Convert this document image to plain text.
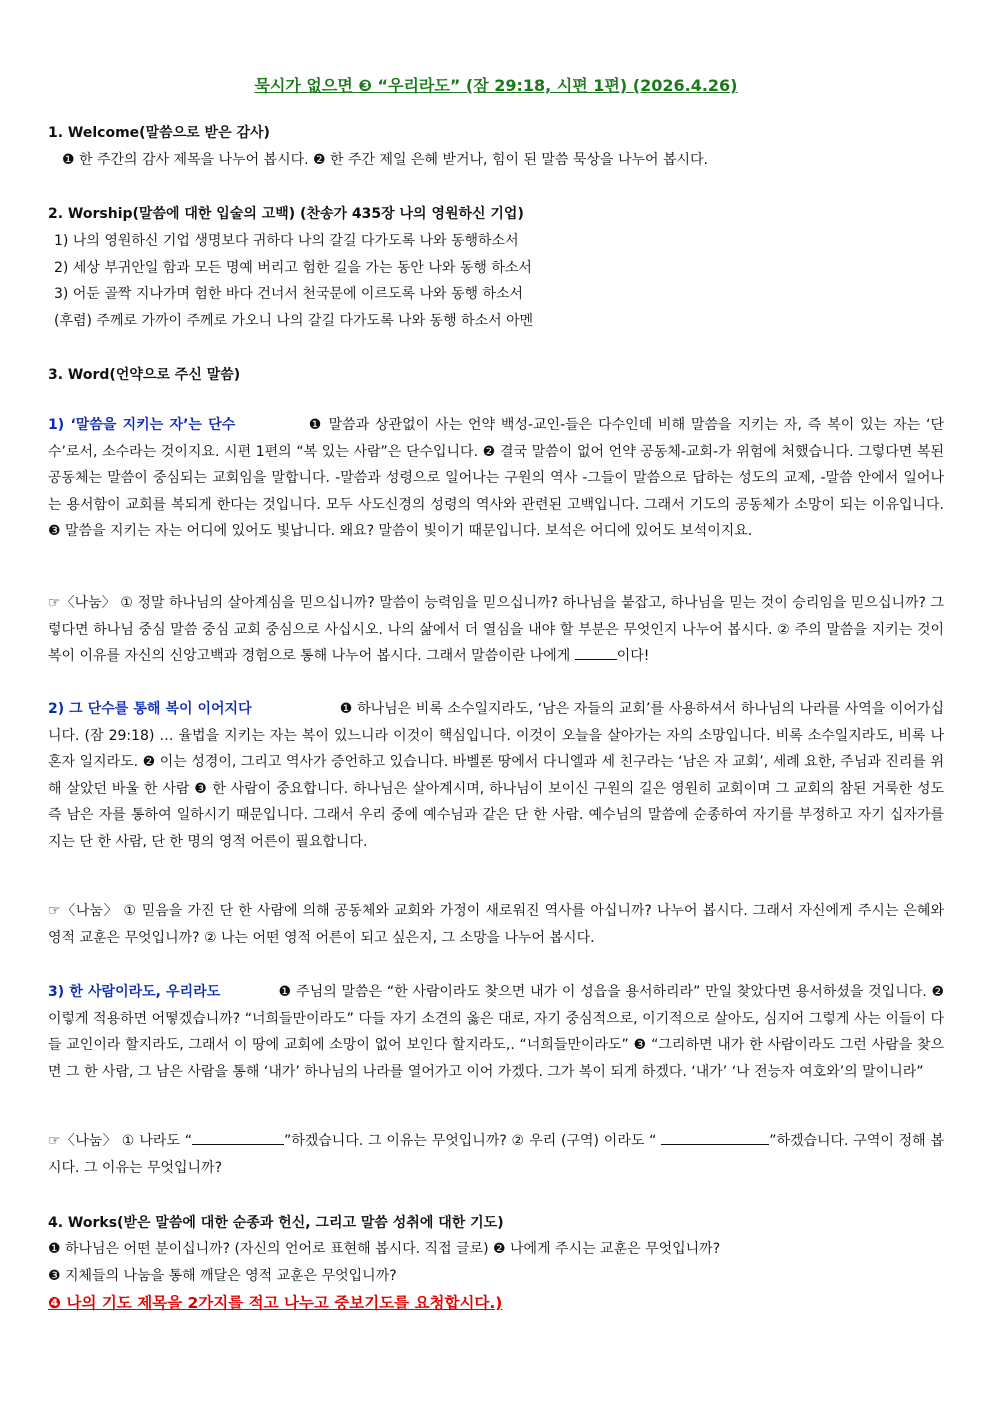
묵시가 없으면 ❸ “우리라도” (잠 29:18, 시편 1편) (2026.4.26)
1. Welcome(말씀으로 받은 감사)
❶ 한 주간의 감사 제목을 나누어 봅시다. ❷ 한 주간 제일 은혜 받거나, 힘이 된 말씀 묵상을 나누어 봅시다.
2. Worship(말씀에 대한 입술의 고백) (찬송가 435장 나의 영원하신 기업)
1) 나의 영원하신 기업 생명보다 귀하다 나의 갈길 다가도록 나와 동행하소서
2) 세상 부귀안일 함과 모든 명예 버리고 험한 길을 가는 동안 나와 동행 하소서
3) 어둔 골짝 지나가며 험한 바다 건너서 천국문에 이르도록 나와 동행 하소서
(후렴) 주께로 가까이 주께로 가오니 나의 갈길 다가도록 나와 동행 하소서 아멘
3. Word(언약으로 주신 말씀)

1) ‘말씀을 지키는 자’는 단수	❶ 말씀과 상관없이 사는 언약 백성-교인-들은 다수인데 비해 말씀을 지키는 자, 즉 복이 있는 자는 ‘단수’로서, 소수라는 것이지요. 시편 1편의 “복 있는 사람”은 단수입니다. ❷ 결국 말씀이 없어 언약 공동체-교회-가 위험에 처했습니다. 그렇다면 복된 공동체는 말씀이 중심되는 교회임을 말합니다. -말씀과 성령으로 일어나는 구원의 역사 -그들이 말씀으로 답하는 성도의 교제, -말씀 안에서 일어나는 용서함이 교회를 복되게 한다는 것입니다. 모두 사도신경의 성령의 역사와 관련된 고백입니다. 그래서 기도의 공동체가 소망이 되는 이유입니다. ❸ 말씀을 지키는 자는 어디에 있어도 빛납니다. 왜요? 말씀이 빛이기 때문입니다. 보석은 어디에 있어도 보석이지요.

☞〈나눔〉 ① 정말 하나님의 살아계심을 믿으십니까? 말씀이 능력임을 믿으십니까? 하나님을 붙잡고, 하나님을 믿는 것이 승리임을 믿으십니까? 그렇다면 하나님 중심 말씀 중심 교회 중심으로 사십시오. 나의 삶에서 더 열심을 내야 할 부분은 무엇인지 나누어 봅시다. ② 주의 말씀을 지키는 것이 복이 이유를 자신의 신앙고백과 경험으로 통해 나누어 봅시다. 그래서 말씀이란 나에게	이다!

2) 그 단수를 통해 복이 이어지다	❶ 하나님은 비록 소수일지라도, ‘남은 자들의 교회’를 사용하셔서 하나님의 나라를 사역을 이어가십니다. (잠 29:18) … 율법을 지키는 자는 복이 있느니라 이것이 핵심입니다. 이것이 오늘을 살아가는 자의 소망입니다. 비록 소수일지라도, 비록 나 혼자 일지라도. ❷ 이는 성경이, 그리고 역사가 증언하고 있습니다. 바벨론 땅에서 다니엘과 세 친구라는 ‘남은 자 교회’, 세례 요한, 주님과 진리를 위해 살았던 바울 한 사람 ❸ 한 사람이 중요합니다. 하나님은 살아계시며, 하나님이 보이신 구원의 길은 영원히 교회이며 그 교회의 참된 거룩한 성도 즉 남은 자를 통하여 일하시기 때문입니다. 그래서 우리 중에 예수님과 같은 단 한 사람. 예수님의 말씀에 순종하여 자기를 부정하고 자기 십자가를 지는 단 한 사람, 단 한 명의 영적 어른이 필요합니다.

☞〈나눔〉 ① 믿음을 가진 단 한 사람에 의해 공동체와 교회와 가정이 새로워진 역사를 아십니까? 나누어 봅시다. 그래서 자신에게 주시는 은혜와 영적 교훈은 무엇입니까? ② 나는 어떤 영적 어른이 되고 싶은지, 그 소망을 나누어 봅시다.

3) 한 사람이라도, 우리라도	❶ 주님의 말씀은 “한 사람이라도 찾으면 내가 이 성읍을 용서하리라” 만일 찾았다면 용서하셨을 것입니다. ❷ 이렇게 적용하면 어떻겠습니까? “너희들만이라도” 다들 자기 소견의 옳은 대로, 자기 중심적으로, 이기적으로 살아도, 심지어 그렇게 사는 이들이 다들 교인이라 할지라도, 그래서 이 땅에 교회에 소망이 없어 보인다 할지라도,. “너희들만이라도” ❸ “그리하면 내가 한 사람이라도 그런 사람을 찾으면 그 한 사람, 그 남은 사람을 통해 ‘내가’ 하나님의 나라를 열어가고 이어 가겠다. 그가 복이 되게 하겠다. ‘내가’ ‘나 전능자 여호와’의 말이니라”

☞〈나눔〉 ① 나라도 “	”하겠습니다. 그 이유는 무엇입니까? ② 우리 (구역) 이라도 “	”하겠습니다. 구역이 정해 봅시다. 그 이유는 무엇입니까?

4. Works(받은 말씀에 대한 순종과 헌신, 그리고 말씀 성취에 대한 기도)
❶ 하나님은 어떤 분이십니까? (자신의 언어로 표현해 봅시다. 직접 글로) ❷ 나에게 주시는 교훈은 무엇입니까?
❸ 지체들의 나눔을 통해 깨달은 영적 교훈은 무엇입니까?
❹ 나의 기도 제목을 2가지를 적고 나누고 중보기도를 요청합시다.)
